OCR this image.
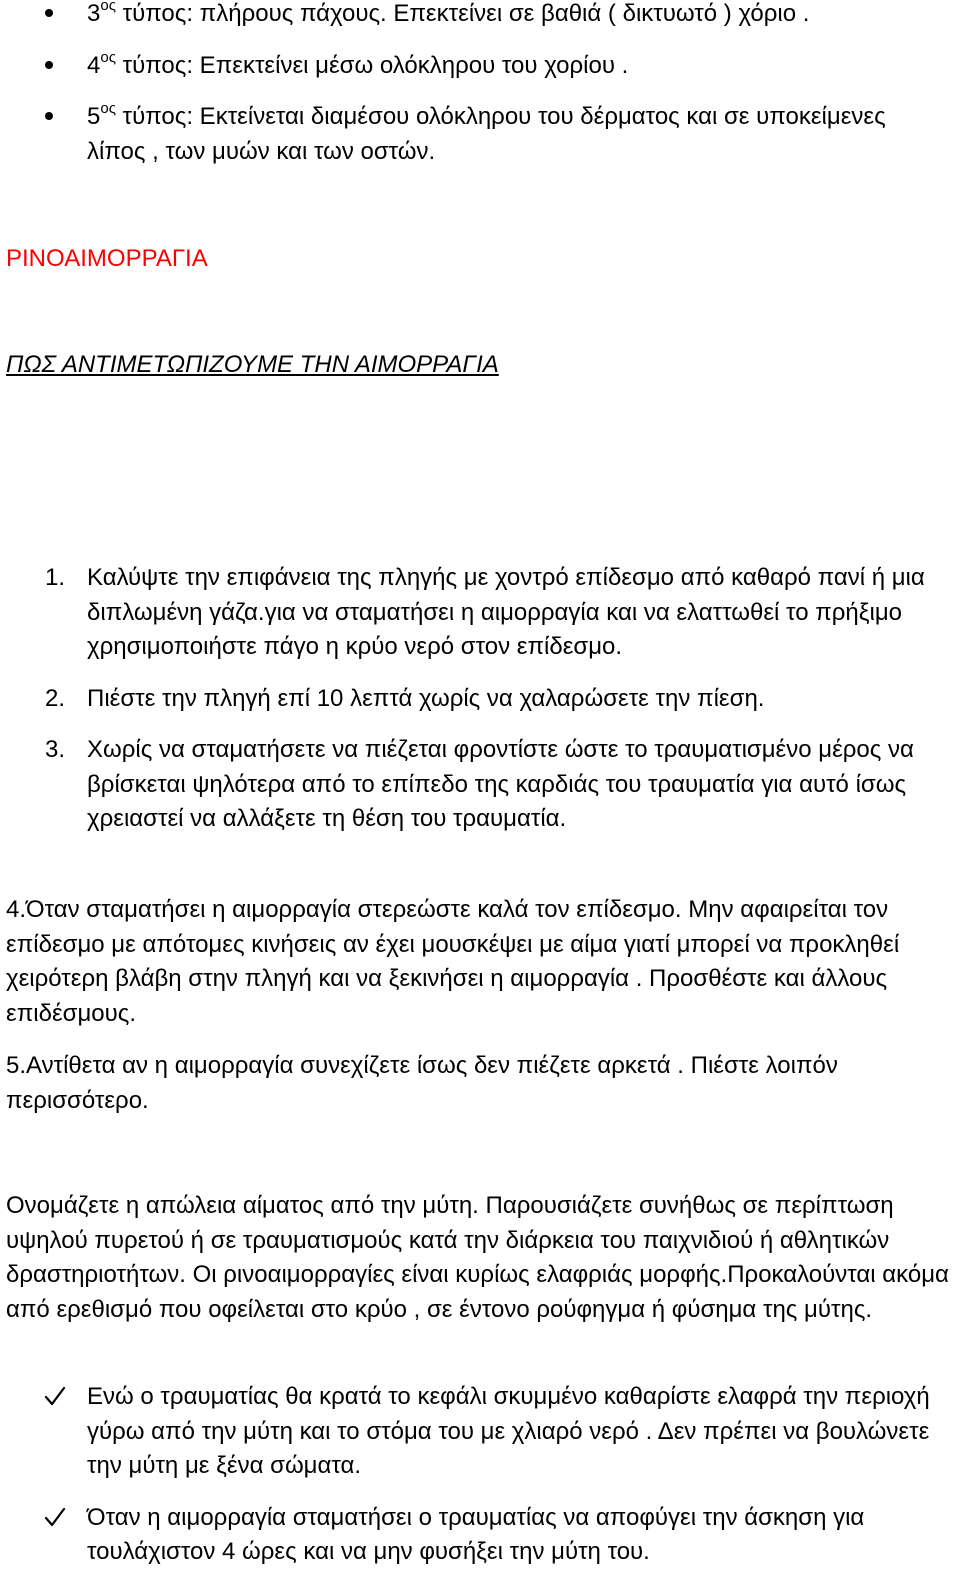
$3^{o\varsigma}$ τύπος: πλήρους πάχους. Επεκτείνει σε βαθιά ( δικτυωτό ) χόριο .
$4^{o\varsigma}$ τύπος: Επεκτείνει μέσω ολόκληρου του χορίου .
$5^{o\varsigma}$ τύπος: Εκτείνεται διαμέσου ολόκληρου του δέρματος και σε υποκείμενες λίπος , των μυών και των οστών.
ΡΙΝΟΑΙΜΟΡΡΑΓΙΑ
ΠΩΣ ΑΝΤΙΜΕΤΩΠΙΖΟΥΜΕ ΤΗΝ ΑΙΜΟΡΡΑΓΙΑ
1. Καλύψτε την επιφάνεια της πληγής με χοντρό επίδεσμο από καθαρό πανί ή μια διπλωμένη γάζα.για να σταματήσει η αιμορραγία και να ελαττωθεί το πρήξιμο χρησιμοποιήστε πάγο η κρύο νερό στον επίδεσμο.
2. Πιέστε την πληγή επί 10 λεπτά χωρίς να χαλαρώσετε την πίεση.
3. Χωρίς να σταματήσετε να πιέζεται φροντίστε ώστε το τραυματισμένο μέρος να βρίσκεται ψηλότερα από το επίπεδο της καρδιάς του τραυματία για αυτό ίσως χρειαστεί να αλλάξετε τη θέση του τραυματία.

4.Όταν σταματήσει η αιμορραγία στερεώστε καλά τον επίδεσμο. Μην αφαιρείται τον επίδεσμο με απότομες κινήσεις αν έχει μουσκέψει με αίμα γιατί μπορεί να προκληθεί χειρότερη βλάβη στην πληγή και να ξεκινήσει η αιμορραγία . Προσθέστε και άλλους επιδέσμους.

5.Αντίθετα αν η αιμορραγία συνεχίζετε ίσως δεν πιέζετε αρκετά . Πιέστε λοιπόν περισσότερο.

Ονομάζετε η απώλεια αίματος από την μύτη. Παρουσιάζετε συνήθως σε περίπτωση υψηλού πυρετού ή σε τραυματισμούς κατά την διάρκεια του παιχνιδιού ή αθλητικών δραστηριοτήτων. Οι ρινοαιμορραγίες είναι κυρίως ελαφριάς μορφής.Προκαλούνται ακόμα από ερεθισμό που οφείλεται στο κρύο , σε έντονο ρούφηγμα ή φύσημα της μύτης.

Ενώ ο τραυματίας θα κρατά το κεφάλι σκυμμένο καθαρίστε ελαφρά την περιοχή γύρω από την μύτη και το στόμα του με χλιαρό νερό . Δεν πρέπει να βουλώνετε την μύτη με ξένα σώματα.
Όταν η αιμορραγία σταματήσει ο τραυματίας να αποφύγει την άσκηση για τουλάχιστον 4 ώρες και να μην φυσήξει την μύτη του.
